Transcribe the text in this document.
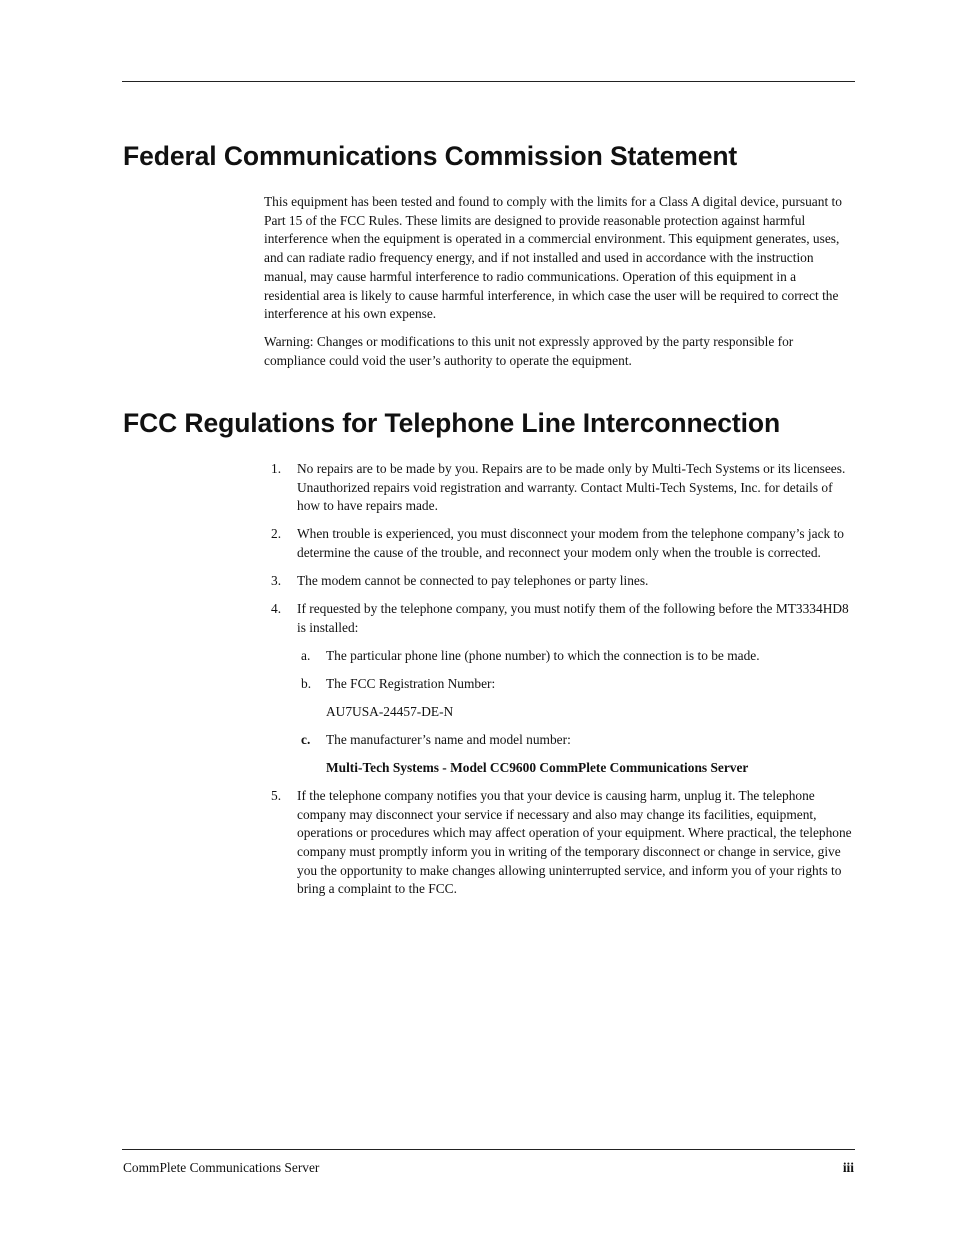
Federal Communications Commission Statement

This equipment has been tested and found to comply with the limits for a Class A digital device, pursuant to Part 15 of the FCC Rules. These limits are designed to provide reasonable protection against harmful interference when the equipment is operated in a commercial environment. This equipment generates, uses, and can radiate radio frequency energy, and if not installed and used in accordance with the instruction manual, may cause harmful interference to radio communications. Operation of this equipment in a residential area is likely to cause harmful interference, in which case the user will be required to correct the interference at his own expense.

Warning: Changes or modifications to this unit not expressly approved by the party responsible for compliance could void the user’s authority to operate the equipment.

FCC Regulations for Telephone Line Interconnection
1. No repairs are to be made by you. Repairs are to be made only by Multi-Tech Systems or its licensees. Unauthorized repairs void registration and warranty. Contact Multi-Tech Systems, Inc. for details of how to have repairs made.

2. When trouble is experienced, you must disconnect your modem from the telephone company’s jack to determine the cause of the trouble, and reconnect your modem only when the trouble is corrected.

3. The modem cannot be connected to pay telephones or party lines.

4. If requested by the telephone company, you must notify them of the following before the MT3334HD8 is installed:

a. The particular phone line (phone number) to which the connection is to be made.

b. The FCC Registration Number:

AU7USA-24457-DE-N
c. The manufacturer’s name and model number:

Multi-Tech Systems - Model CC9600 CommPlete Communications Server
5. If the telephone company notifies you that your device is causing harm, unplug it. The telephone company may disconnect your service if necessary and also may change its facilities, equipment, operations or procedures which may affect operation of your equipment. Where practical, the telephone company must promptly inform you in writing of the temporary disconnect or change in service, give you the opportunity to make changes allowing uninterrupted service, and inform you of your rights to bring a complaint to the FCC.

CommPlete Communications Server	iii
